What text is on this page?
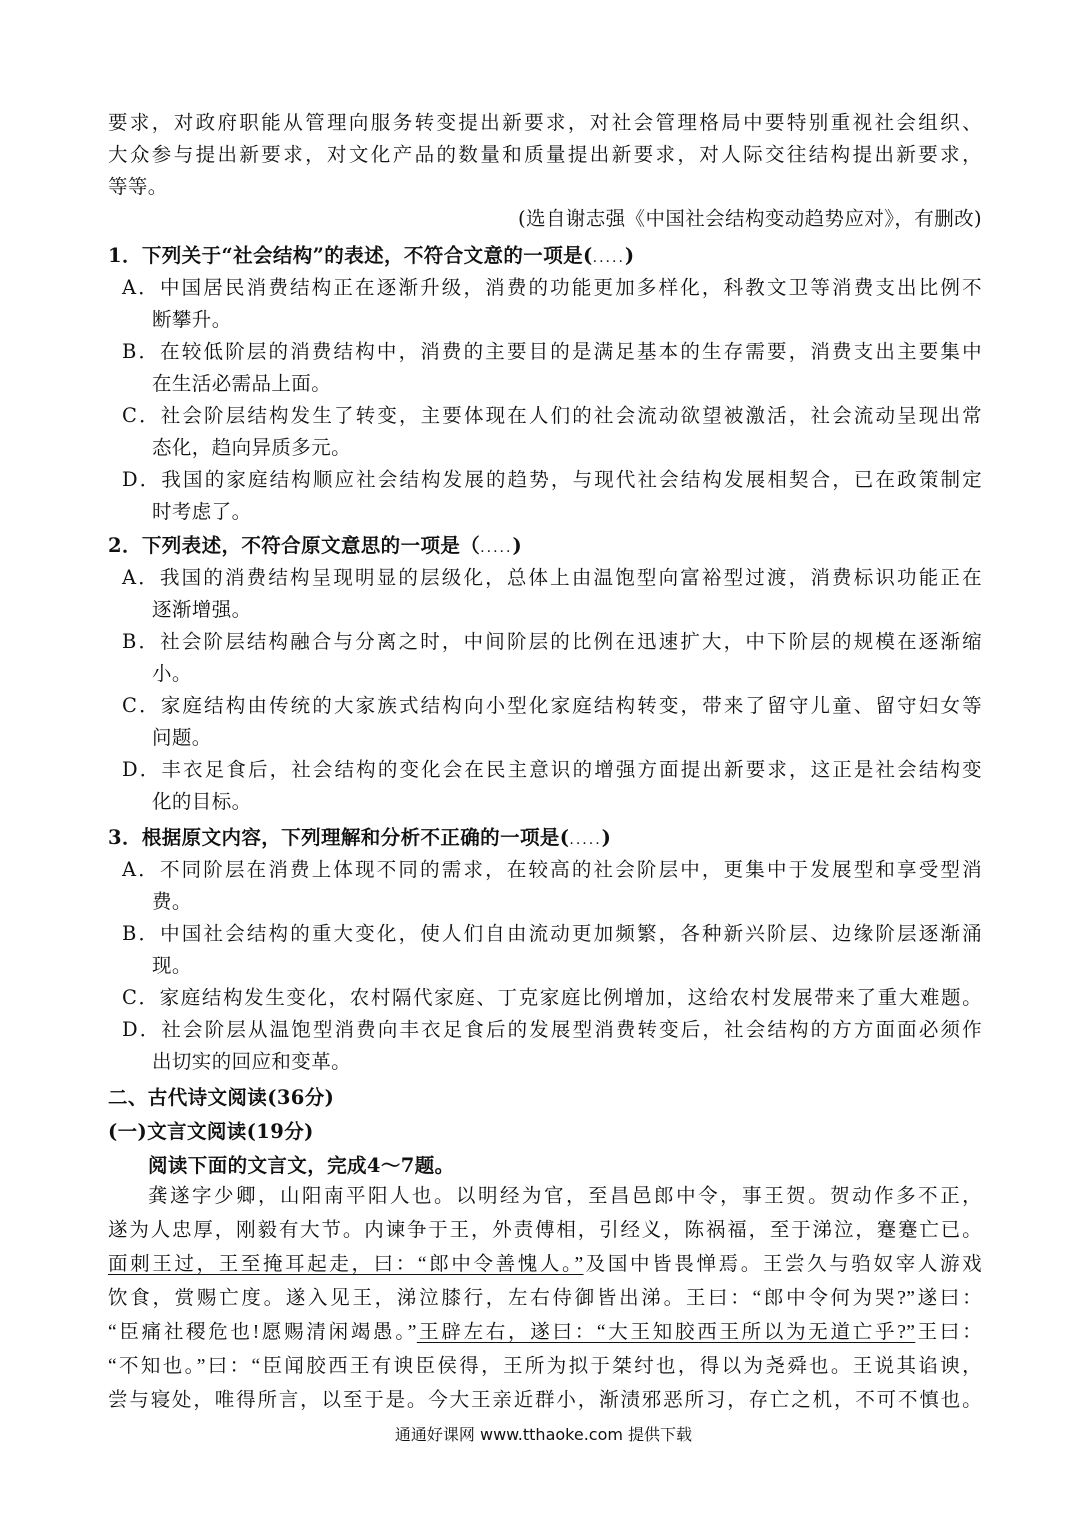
要求，对政府职能从管理向服务转变提出新要求，对社会管理格局中要特别重视社会组织、
大众参与提出新要求，对文化产品的数量和质量提出新要求，对人际交往结构提出新要求，
等等。
(选自谢志强《中国社会结构变动趋势应对》，有删改)
1．下列关于“社会结构”的表述，不符合文意的一项是(.....)
A．中国居民消费结构正在逐渐升级，消费的功能更加多样化，科教文卫等消费支出比例不
断攀升。
B．在较低阶层的消费结构中，消费的主要目的是满足基本的生存需要，消费支出主要集中
在生活必需品上面。
C．社会阶层结构发生了转变，主要体现在人们的社会流动欲望被激活，社会流动呈现出常
态化，趋向异质多元。
D．我国的家庭结构顺应社会结构发展的趋势，与现代社会结构发展相契合，已在政策制定
时考虑了。
2．下列表述，不符合原文意思的一项是（.....)
A．我国的消费结构呈现明显的层级化，总体上由温饱型向富裕型过渡，消费标识功能正在
逐渐增强。
B．社会阶层结构融合与分离之时，中间阶层的比例在迅速扩大，中下阶层的规模在逐渐缩
小。
C．家庭结构由传统的大家族式结构向小型化家庭结构转变，带来了留守儿童、留守妇女等
问题。
D．丰衣足食后，社会结构的变化会在民主意识的增强方面提出新要求，这正是社会结构变
化的目标。
3．根据原文内容，下列理解和分析不正确的一项是(.....)
A．不同阶层在消费上体现不同的需求，在较高的社会阶层中，更集中于发展型和享受型消
费。
B．中国社会结构的重大变化，使人们自由流动更加频繁，各种新兴阶层、边缘阶层逐渐涌
现。
C．家庭结构发生变化，农村隔代家庭、丁克家庭比例增加，这给农村发展带来了重大难题。
D．社会阶层从温饱型消费向丰衣足食后的发展型消费转变后，社会结构的方方面面必须作
出切实的回应和变革。
二、古代诗文阅读(36分)
(一)文言文阅读(19分)
阅读下面的文言文，完成4～7题。
龚遂字少卿，山阳南平阳人也。以明经为官，至昌邑郎中令，事王贺。贺动作多不正，
遂为人忠厚，刚毅有大节。内谏争于王，外责傅相，引经义，陈祸福，至于涕泣，蹇蹇亡已。
面刺王过，王至掩耳起走，曰：“郎中令善愧人。”及国中皆畏惮焉。王尝久与驺奴宰人游戏
饮食，赏赐亡度。遂入见王，涕泣膝行，左右侍御皆出涕。王曰：“郎中令何为哭?”遂曰：
“臣痛社稷危也!愿赐清闲竭愚。”王辟左右，遂曰：“大王知胶西王所以为无道亡乎?”王曰：
“不知也。”曰：“臣闻胶西王有谀臣侯得，王所为拟于桀纣也，得以为尧舜也。王说其谄谀，
尝与寝处，唯得所言，以至于是。今大王亲近群小，渐渍邪恶所习，存亡之机，不可不慎也。
通通好课网 www.tthaoke.com 提供下载
